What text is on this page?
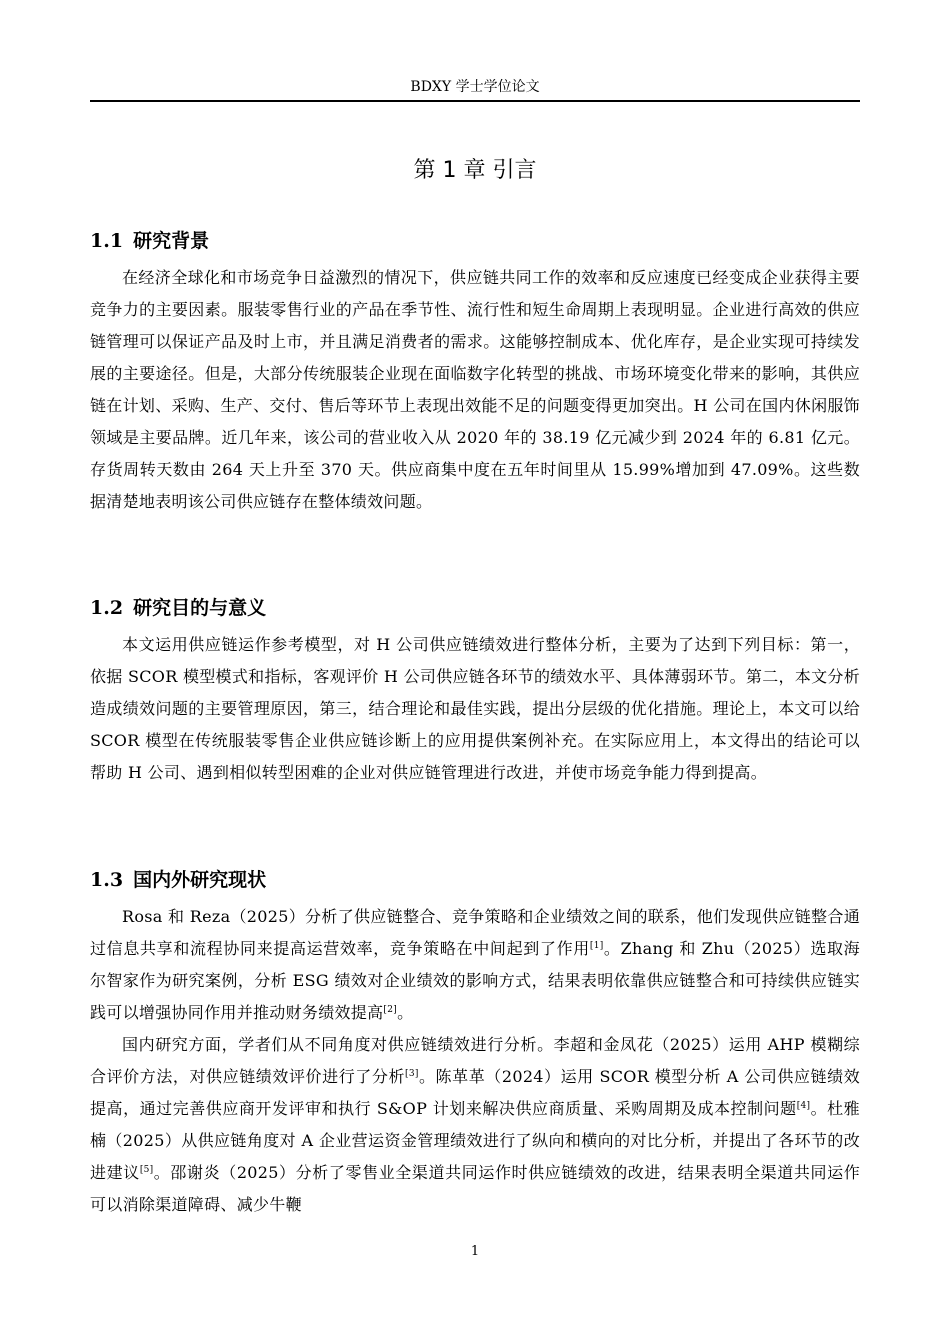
BDXY 学士学位论文
第 1 章 引言
1.1 研究背景

在经济全球化和市场竞争日益激烈的情况下，供应链共同工作的效率和反应速度已经变成企业获得主要竞争力的主要因素。服装零售行业的产品在季节性、流行性和短生命周期上表现明显。企业进行高效的供应链管理可以保证产品及时上市，并且满足消费者的需求。这能够控制成本、优化库存，是企业实现可持续发展的主要途径。但是，大部分传统服装企业现在面临数字化转型的挑战、市场环境变化带来的影响，其供应链在计划、采购、生产、交付、售后等环节上表现出效能不足的问题变得更加突出。H 公司在国内休闲服饰领域是主要品牌。近几年来，该公司的营业收入从 2020 年的 38.19 亿元减少到 2024 年的 6.81 亿元。存货周转天数由 264 天上升至 370 天。供应商集中度在五年时间里从 15.99%增加到 47.09%。这些数据清楚地表明该公司供应链存在整体绩效问题。

1.2 研究目的与意义

本文运用供应链运作参考模型，对 H 公司供应链绩效进行整体分析，主要为了达到下列目标：第一，依据 SCOR 模型模式和指标，客观评价 H 公司供应链各环节的绩效水平、具体薄弱环节。第二，本文分析造成绩效问题的主要管理原因，第三，结合理论和最佳实践，提出分层级的优化措施。理论上，本文可以给 SCOR 模型在传统服装零售企业供应链诊断上的应用提供案例补充。在实际应用上，本文得出的结论可以帮助 H 公司、遇到相似转型困难的企业对供应链管理进行改进，并使市场竞争能力得到提高。

1.3 国内外研究现状

Rosa 和 Reza（2025）分析了供应链整合、竞争策略和企业绩效之间的联系，他们发现供应链整合通过信息共享和流程协同来提高运营效率，竞争策略在中间起到了作用[1]。Zhang 和 Zhu（2025）选取海尔智家作为研究案例，分析 ESG 绩效对企业绩效的影响方式，结果表明依靠供应链整合和可持续供应链实践可以增强协同作用并推动财务绩效提高[2]。

国内研究方面，学者们从不同角度对供应链绩效进行分析。李超和金凤花（2025）运用 AHP 模糊综合评价方法，对供应链绩效评价进行了分析[3]。陈革革（2024）运用 SCOR 模型分析 A 公司供应链绩效提高，通过完善供应商开发评审和执行 S&OP 计划来解决供应商质量、采购周期及成本控制问题[4]。杜雅楠（2025）从供应链角度对 A 企业营运资金管理绩效进行了纵向和横向的对比分析，并提出了各环节的改进建议[5]。邵谢炎（2025）分析了零售业全渠道共同运作时供应链绩效的改进，结果表明全渠道共同运作可以消除渠道障碍、减少牛鞭

1
